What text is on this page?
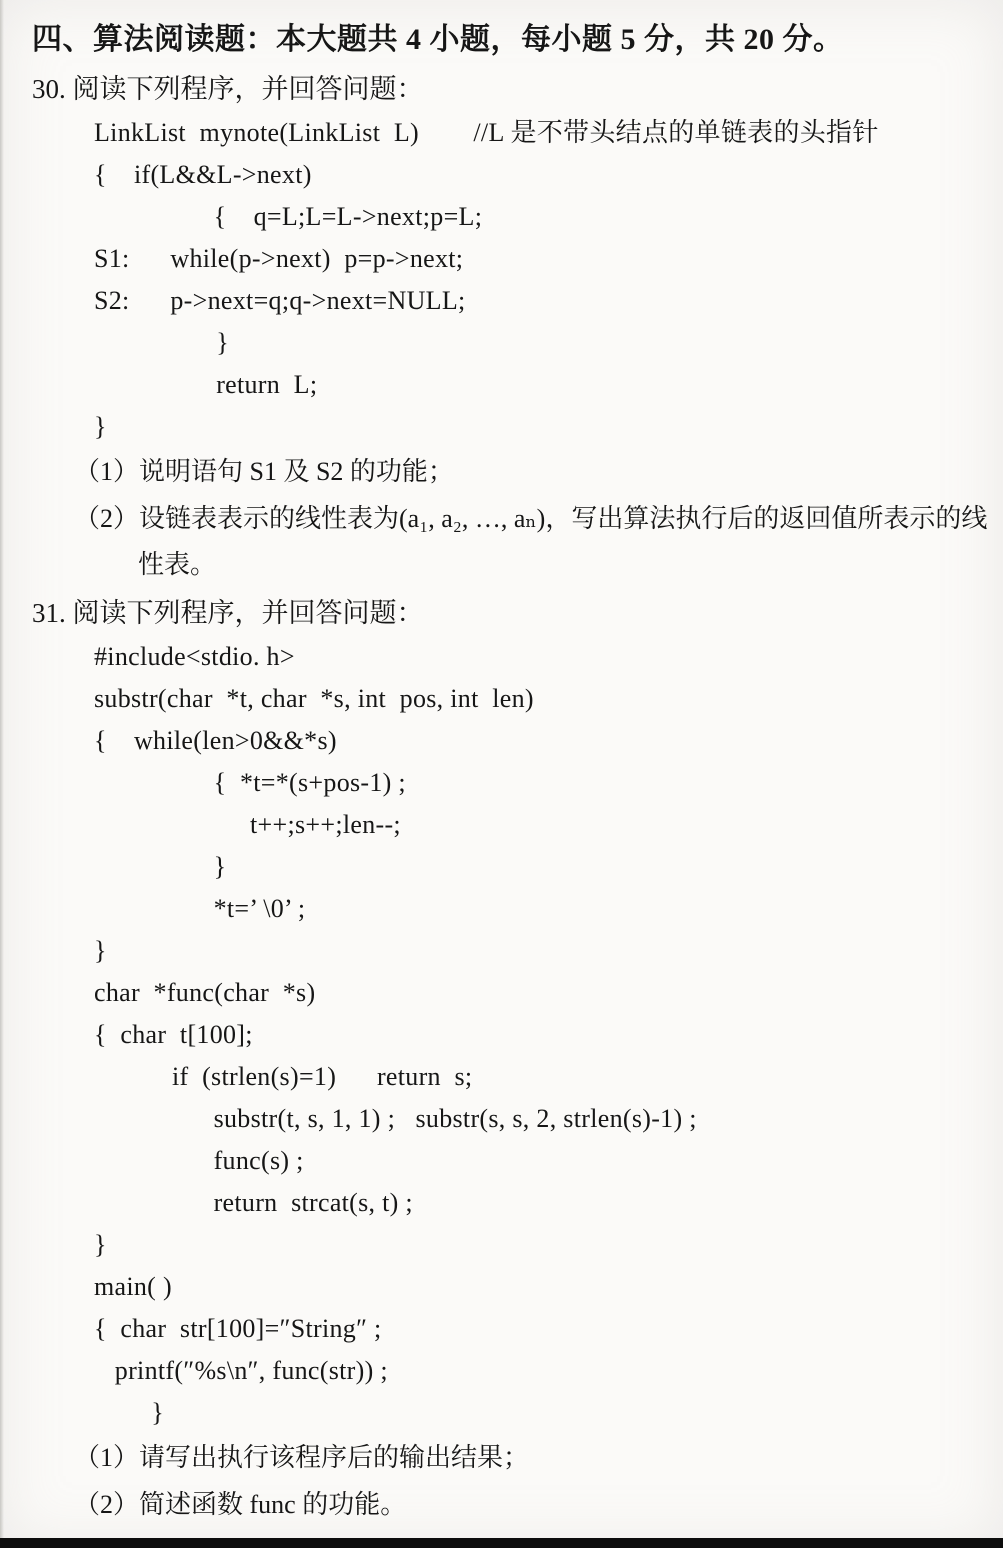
四、算法阅读题：本大题共 4 小题，每小题 5 分，共 20 分。
30. 阅读下列程序，并回答问题：
LinkList  mynote(LinkList  L)        //L 是不带头结点的单链表的头指针
{    if(L&&L->next)
{    q=L;L=L->next;p=L;
S1:      while(p->next)  p=p->next;
S2:      p->next=q;q->next=NULL;
}
return  L;
}
（1）说明语句 S1 及 S2 的功能；
（2）设链表表示的线性表为(a₁, a₂, …, aₙ)，写出算法执行后的返回值所表示的线性表。
31. 阅读下列程序，并回答问题：
#include<stdio. h>
substr(char  *t, char  *s, int  pos, int  len)
{    while(len>0&&*s)
{  *t=*(s+pos-1) ;
t++;s++;len--;
}
*t=’ \0’ ;
}
char  *func(char  *s)
{  char  t[100];
if  (strlen(s)=1)      return  s;
substr(t, s, 1, 1) ;   substr(s, s, 2, strlen(s)-1) ;
func(s) ;
return  strcat(s, t) ;
}
main( )
{  char  str[100]=″String″ ;
printf(″%s\n″, func(str)) ;
}
（1）请写出执行该程序后的输出结果；
（2）简述函数 func 的功能。
